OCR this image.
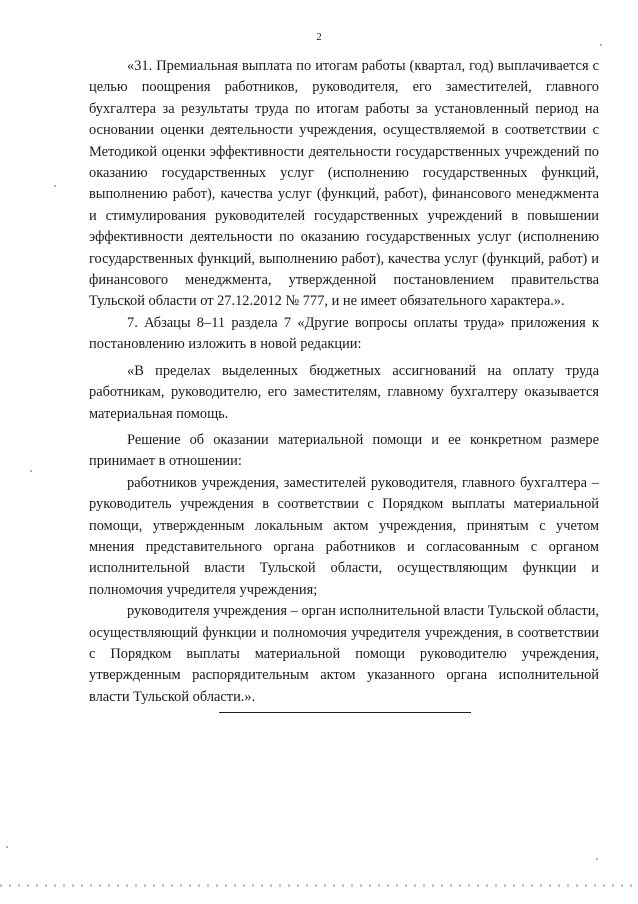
2

«31. Премиальная выплата по итогам работы (квартал, год) выплачивается с целью поощрения работников, руководителя, его заместителей, главного бухгалтера за результаты труда по итогам работы за установленный период на основании оценки деятельности учреждения, осуществляемой в соответствии с Методикой оценки эффективности деятельности государственных учреждений по оказанию государственных услуг (исполнению государственных функций, выполнению работ), качества услуг (функций, работ), финансового менеджмента и стимулирования руководителей государственных учреждений в повышении эффективности деятельности по оказанию государственных услуг (исполнению государственных функций, выполнению работ), качества услуг (функций, работ) и финансового менеджмента, утвержденной постановлением правительства Тульской области от 27.12.2012 № 777, и не имеет обязательного характера.».

7. Абзацы 8–11 раздела 7 «Другие вопросы оплаты труда» приложения к постановлению изложить в новой редакции:

«В пределах выделенных бюджетных ассигнований на оплату труда работникам, руководителю, его заместителям, главному бухгалтеру оказывается материальная помощь.

Решение об оказании материальной помощи и ее конкретном размере принимает в отношении:

работников учреждения, заместителей руководителя, главного бухгалтера – руководитель учреждения в соответствии с Порядком выплаты материальной помощи, утвержденным локальным актом учреждения, принятым с учетом мнения представительного органа работников и согласованным с органом исполнительной власти Тульской области, осуществляющим функции и полномочия учредителя учреждения;

руководителя учреждения – орган исполнительной власти Тульской области, осуществляющий функции и полномочия учредителя учреждения, в соответствии с Порядком выплаты материальной помощи руководителю учреждения, утвержденным распорядительным актом указанного органа исполнительной власти Тульской области.».
